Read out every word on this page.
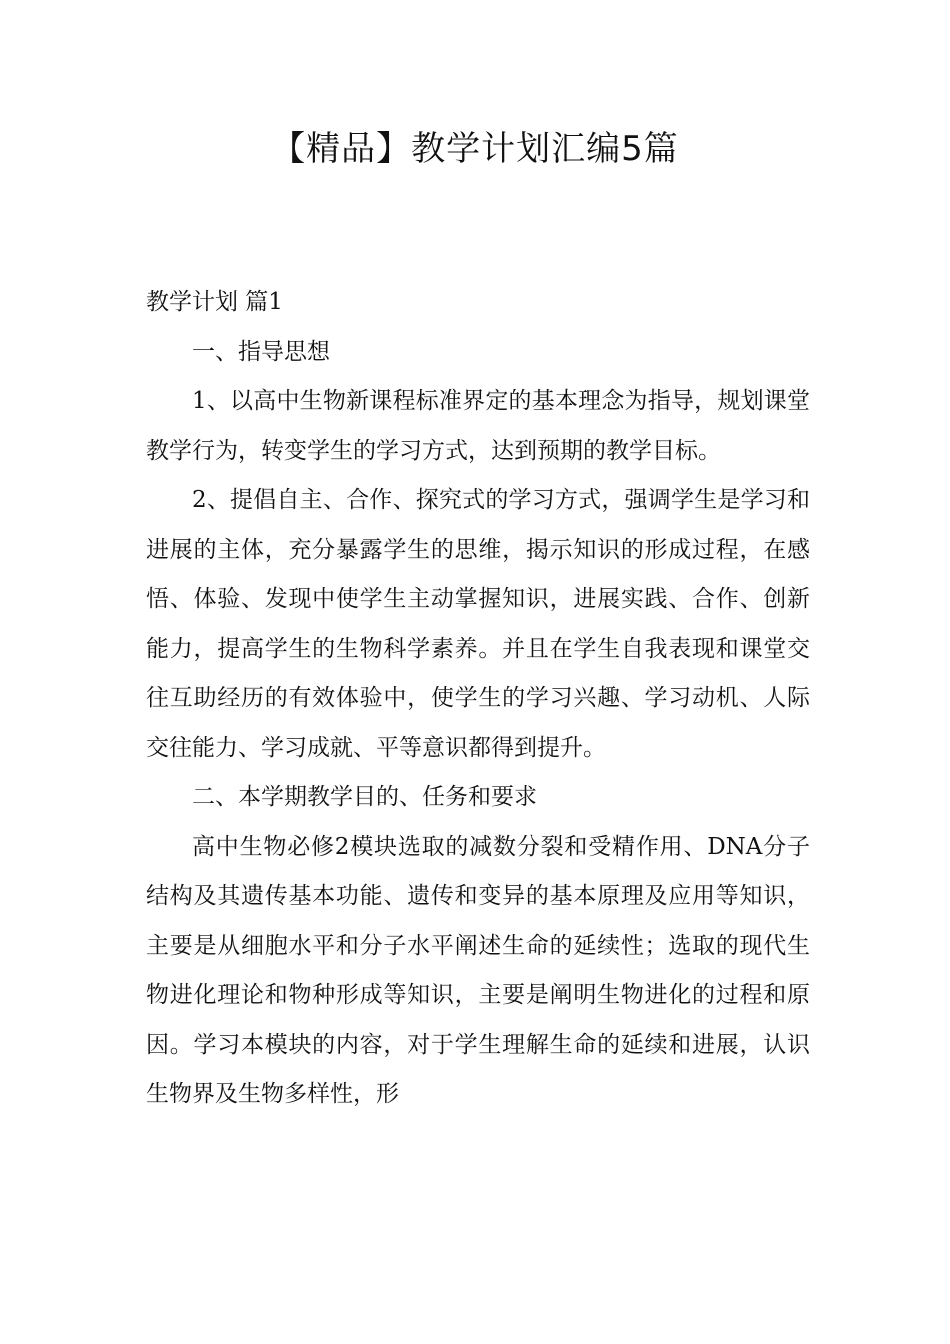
【精品】教学计划汇编5篇

教学计划 篇1

一、指导思想

1、以高中生物新课程标准界定的基本理念为指导，规划课堂教学行为，转变学生的学习方式，达到预期的教学目标。

2、提倡自主、合作、探究式的学习方式，强调学生是学习和进展的主体，充分暴露学生的思维，揭示知识的形成过程，在感悟、体验、发现中使学生主动掌握知识，进展实践、合作、创新能力，提高学生的生物科学素养。并且在学生自我表现和课堂交往互助经历的有效体验中，使学生的学习兴趣、学习动机、人际交往能力、学习成就、平等意识都得到提升。

二、本学期教学目的、任务和要求

高中生物必修2模块选取的减数分裂和受精作用、DNA分子结构及其遗传基本功能、遗传和变异的基本原理及应用等知识，主要是从细胞水平和分子水平阐述生命的延续性；选取的现代生物进化理论和物种形成等知识，主要是阐明生物进化的过程和原因。学习本模块的内容，对于学生理解生命的延续和进展，认识生物界及生物多样性，形
